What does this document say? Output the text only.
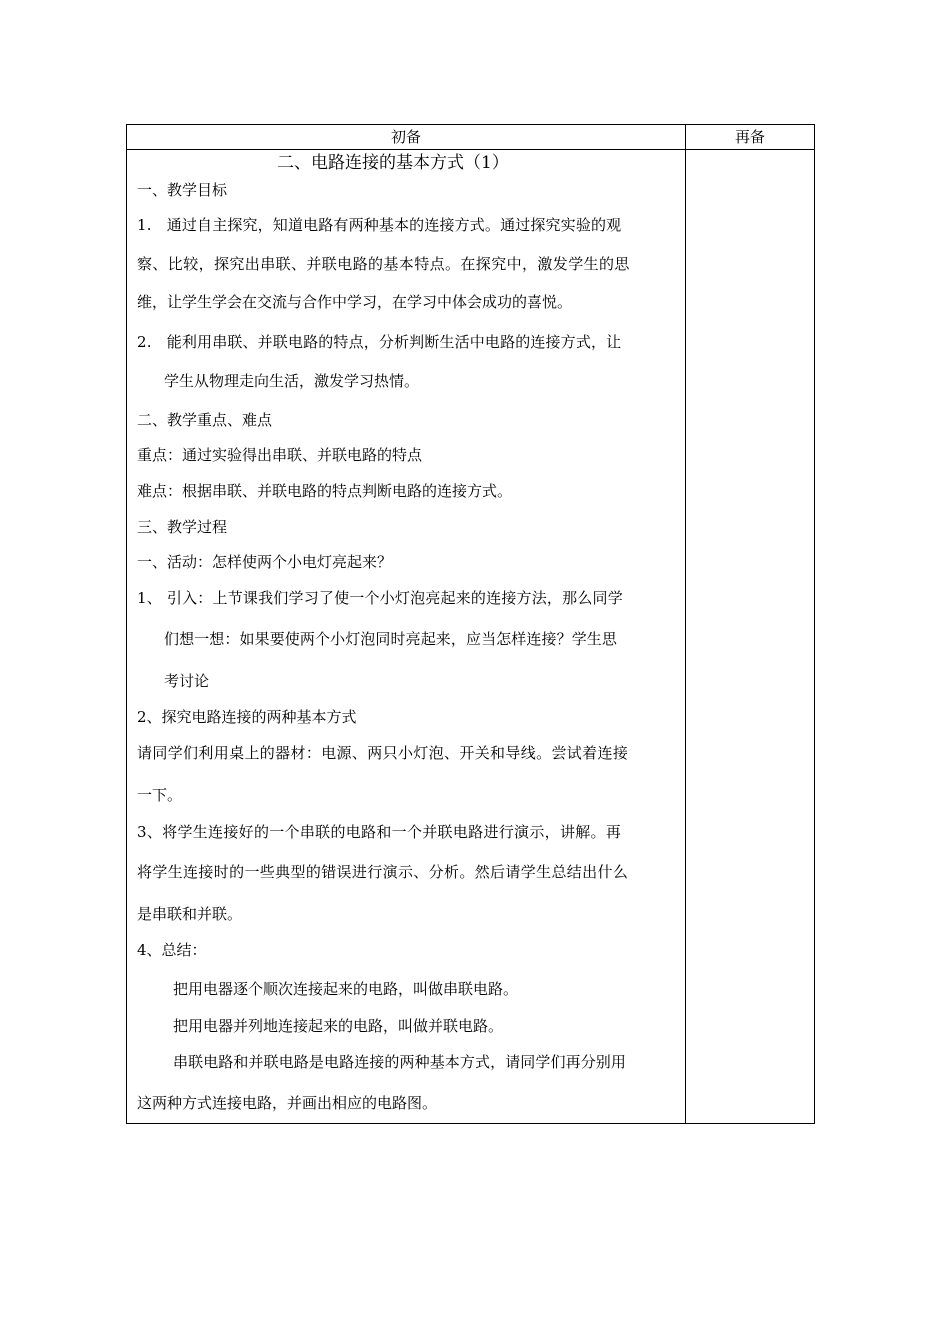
初备	再备
二、电路连接的基本方式（1）
一、教学目标
1.　通过自主探究，知道电路有两种基本的连接方式。通过探究实验的观
察、比较，探究出串联、并联电路的基本特点。在探究中，激发学生的思
维，让学生学会在交流与合作中学习，在学习中体会成功的喜悦。
2.　能利用串联、并联电路的特点，分析判断生活中电路的连接方式，让
学生从物理走向生活，激发学习热情。
二、教学重点、难点
重点：通过实验得出串联、并联电路的特点
难点：根据串联、并联电路的特点判断电路的连接方式。
三、教学过程
一、活动：怎样使两个小电灯亮起来？
1、 引入：上节课我们学习了使一个小灯泡亮起来的连接方法，那么同学
们想一想：如果要使两个小灯泡同时亮起来，应当怎样连接？学生思
考讨论
2、探究电路连接的两种基本方式
请同学们利用桌上的器材：电源、两只小灯泡、开关和导线。尝试着连接
一下。
3、将学生连接好的一个串联的电路和一个并联电路进行演示，讲解。再
将学生连接时的一些典型的错误进行演示、分析。然后请学生总结出什么
是串联和并联。
4、总结：
把用电器逐个顺次连接起来的电路，叫做串联电路。
把用电器并列地连接起来的电路，叫做并联电路。
串联电路和并联电路是电路连接的两种基本方式，请同学们再分别用
这两种方式连接电路，并画出相应的电路图。
